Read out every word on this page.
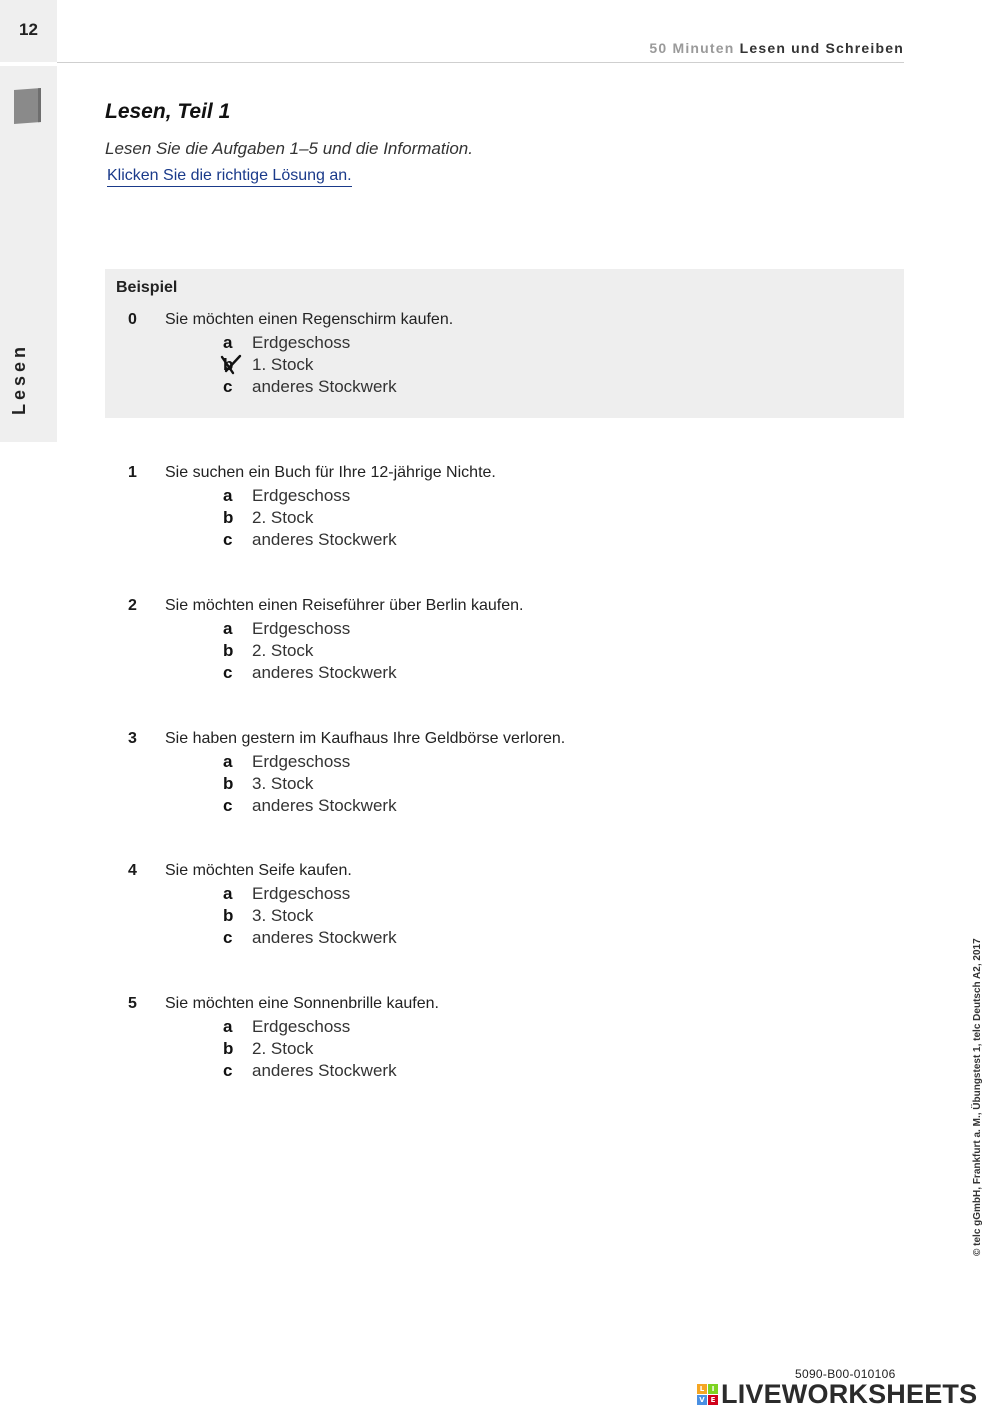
12
Lesen
50 Minuten Lesen und Schreiben
Lesen, Teil 1
Lesen Sie die Aufgaben 1–5 und die Information.
Klicken Sie die richtige Lösung an.
Beispiel
0 Sie möchten einen Regenschirm kaufen.
a Erdgeschoss
b 1. Stock
c anderes Stockwerk
1 Sie suchen ein Buch für Ihre 12-jährige Nichte.
a Erdgeschoss
b 2. Stock
c anderes Stockwerk
2 Sie möchten einen Reiseführer über Berlin kaufen.
a Erdgeschoss
b 2. Stock
c anderes Stockwerk
3 Sie haben gestern im Kaufhaus Ihre Geldbörse verloren.
a Erdgeschoss
b 3. Stock
c anderes Stockwerk
4 Sie möchten Seife kaufen.
a Erdgeschoss
b 3. Stock
c anderes Stockwerk
5 Sie möchten eine Sonnenbrille kaufen.
a Erdgeschoss
b 2. Stock
c anderes Stockwerk	© telc gGmbH, Frankfurt a. M., Übungstest 1, telc Deutsch A2, 2017
5090-B00-010106
L	I
V E LIVEWORKSHEETS
